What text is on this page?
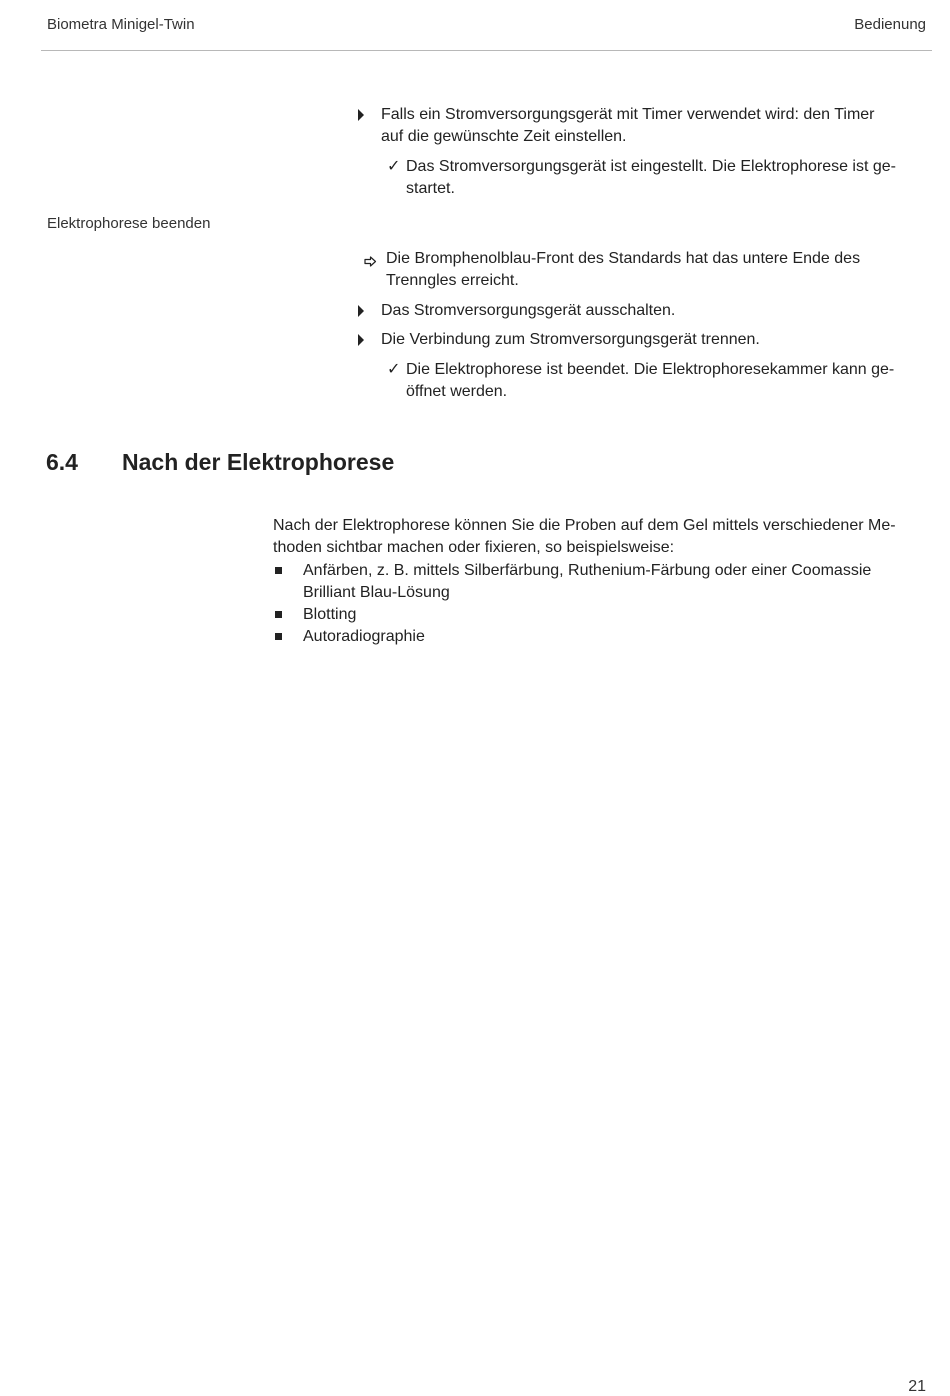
Biometra Minigel-Twin	Bedienung
Falls ein Stromversorgungsgerät mit Timer verwendet wird: den Timer
auf die gewünschte Zeit einstellen.
✓ Das Stromversorgungsgerät ist eingestellt. Die Elektrophorese ist ge-
startet.
Elektrophorese beenden
Die Bromphenolblau-Front des Standards hat das untere Ende des
Trenngles erreicht.
Das Stromversorgungsgerät ausschalten.
Die Verbindung zum Stromversorgungsgerät trennen.
✓ Die Elektrophorese ist beendet. Die Elektrophoresekammer kann ge-
öffnet werden.
6.4 Nach der Elektrophorese
Nach der Elektrophorese können Sie die Proben auf dem Gel mittels verschiedener Me-
thoden sichtbar machen oder fixieren, so beispielsweise:
Anfärben, z. B. mittels Silberfärbung, Ruthenium-Färbung oder einer Coomassie
Brilliant Blau-Lösung
Blotting
Autoradiographie
21
